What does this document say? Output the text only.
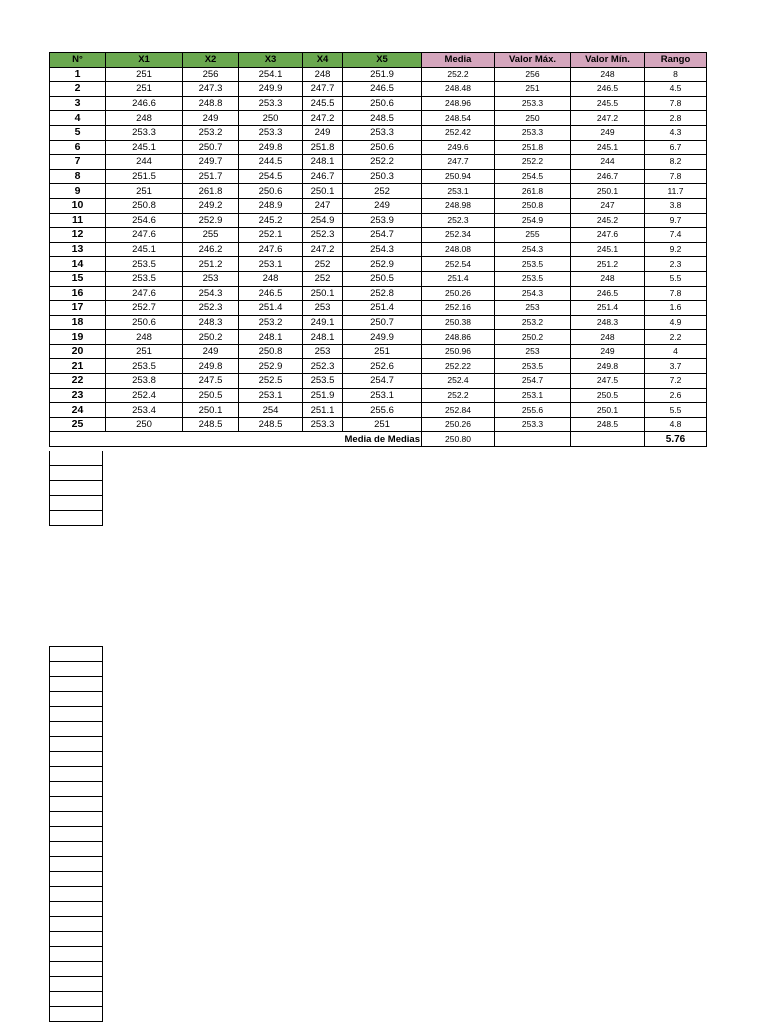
N°	X1	X2	X3	X4	X5	Media	Valor Máx.	Valor Mín.	Rango
1	251	256	254.1	248	251.9	252.2	256	248	8
2	251	247.3	249.9	247.7	246.5	248.48	251	246.5	4.5
3	246.6	248.8	253.3	245.5	250.6	248.96	253.3	245.5	7.8
4	248	249	250	247.2	248.5	248.54	250	247.2	2.8
5	253.3	253.2	253.3	249	253.3	252.42	253.3	249	4.3
6	245.1	250.7	249.8	251.8	250.6	249.6	251.8	245.1	6.7
7	244	249.7	244.5	248.1	252.2	247.7	252.2	244	8.2
8	251.5	251.7	254.5	246.7	250.3	250.94	254.5	246.7	7.8
9	251	261.8	250.6	250.1	252	253.1	261.8	250.1	11.7
10	250.8	249.2	248.9	247	249	248.98	250.8	247	3.8
11	254.6	252.9	245.2	254.9	253.9	252.3	254.9	245.2	9.7
12	247.6	255	252.1	252.3	254.7	252.34	255	247.6	7.4
13	245.1	246.2	247.6	247.2	254.3	248.08	254.3	245.1	9.2
14	253.5	251.2	253.1	252	252.9	252.54	253.5	251.2	2.3
15	253.5	253	248	252	250.5	251.4	253.5	248	5.5
16	247.6	254.3	246.5	250.1	252.8	250.26	254.3	246.5	7.8
17	252.7	252.3	251.4	253	251.4	252.16	253	251.4	1.6
18	250.6	248.3	253.2	249.1	250.7	250.38	253.2	248.3	4.9
19	248	250.2	248.1	248.1	249.9	248.86	250.2	248	2.2
20	251	249	250.8	253	251	250.96	253	249	4
21	253.5	249.8	252.9	252.3	252.6	252.22	253.5	249.8	3.7
22	253.8	247.5	252.5	253.5	254.7	252.4	254.7	247.5	7.2
23	252.4	250.5	253.1	251.9	253.1	252.2	253.1	250.5	2.6
24	253.4	250.1	254	251.1	255.6	252.84	255.6	250.1	5.5
25	250	248.5	248.5	253.3	251	250.26	253.3	248.5	4.8
					Media de Medias	250.80			5.76
